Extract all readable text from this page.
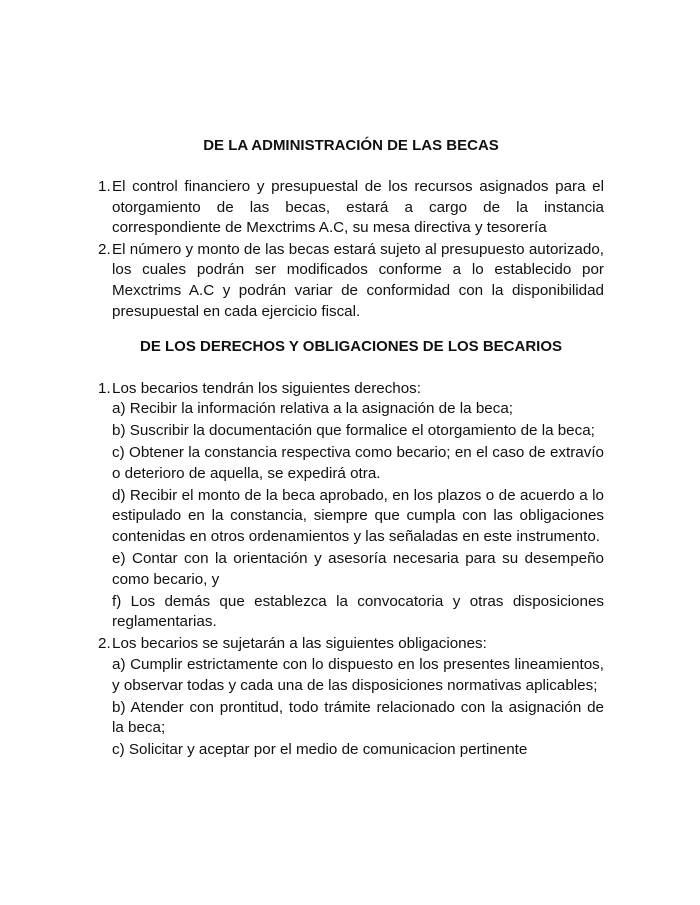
DE LA ADMINISTRACIÓN DE LAS BECAS
1. El control financiero y presupuestal de los recursos asignados para el otorgamiento de las becas, estará a cargo de la instancia correspondiente de Mexctrims A.C, su mesa directiva y tesorería
2. El número y monto de las becas estará sujeto al presupuesto autorizado, los cuales podrán ser modificados conforme a lo establecido por Mexctrims A.C y podrán variar de conformidad con la disponibilidad presupuestal en cada ejercicio fiscal.
DE LOS DERECHOS Y OBLIGACIONES DE LOS BECARIOS
1. Los becarios tendrán los siguientes derechos:
a) Recibir la información relativa a la asignación de la beca;
b) Suscribir la documentación que formalice el otorgamiento de la beca;
c) Obtener la constancia respectiva como becario; en el caso de extravío o deterioro de aquella, se expedirá otra.
d) Recibir el monto de la beca aprobado, en los plazos o de acuerdo a lo estipulado en la constancia, siempre que cumpla con las obligaciones contenidas en otros ordenamientos y las señaladas en este instrumento.
e) Contar con la orientación y asesoría necesaria para su desempeño como becario, y
f) Los demás que establezca la convocatoria y otras disposiciones reglamentarias.
2. Los becarios se sujetarán a las siguientes obligaciones:
a) Cumplir estrictamente con lo dispuesto en los presentes lineamientos, y observar todas y cada una de las disposiciones normativas aplicables;
b) Atender con prontitud, todo trámite relacionado con la asignación de la beca;
c) Solicitar y aceptar por el medio de comunicacion pertinente
